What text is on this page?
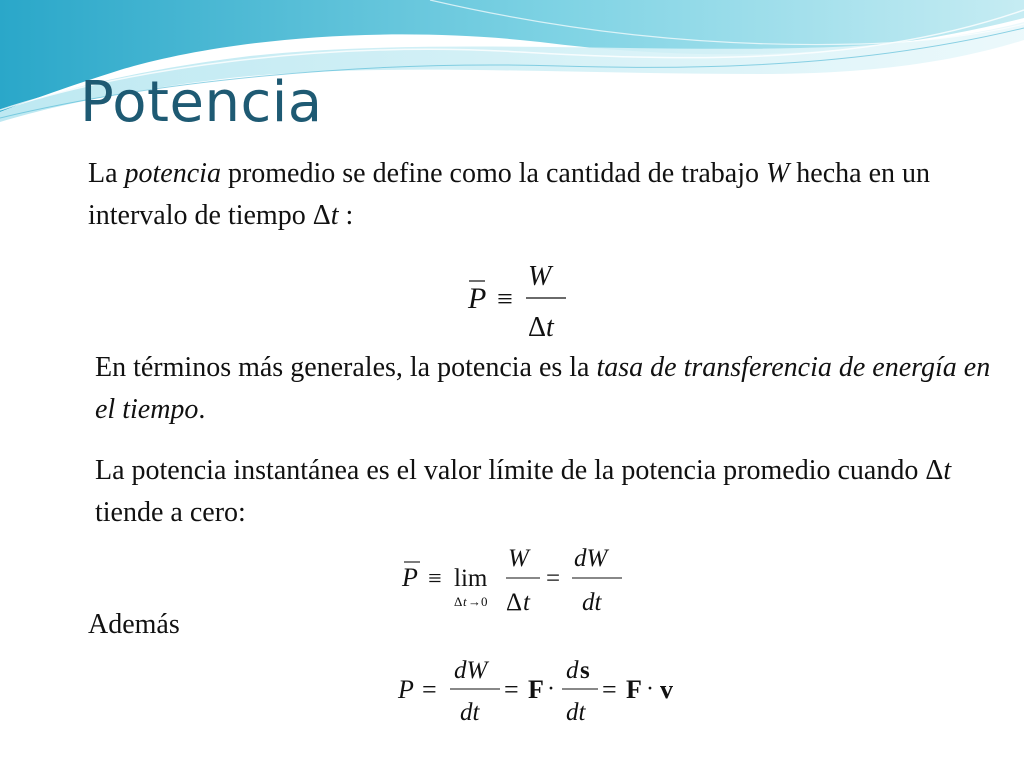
Potencia

La potencia promedio se define como la cantidad de trabajo W hecha en un intervalo de tiempo Δt :

P ≡
W
Δ t

En términos más generales, la potencia es la tasa de transferencia de energía en el tiempo.

La potencia instantánea es el valor límite de la potencia promedio cuando Δt tiende a cero:

P ≡ lim
Δ t →0
W
Δ t
=
dW
dt

Además

P =
dW
dt
= F ·
d s
dt
= F · v
